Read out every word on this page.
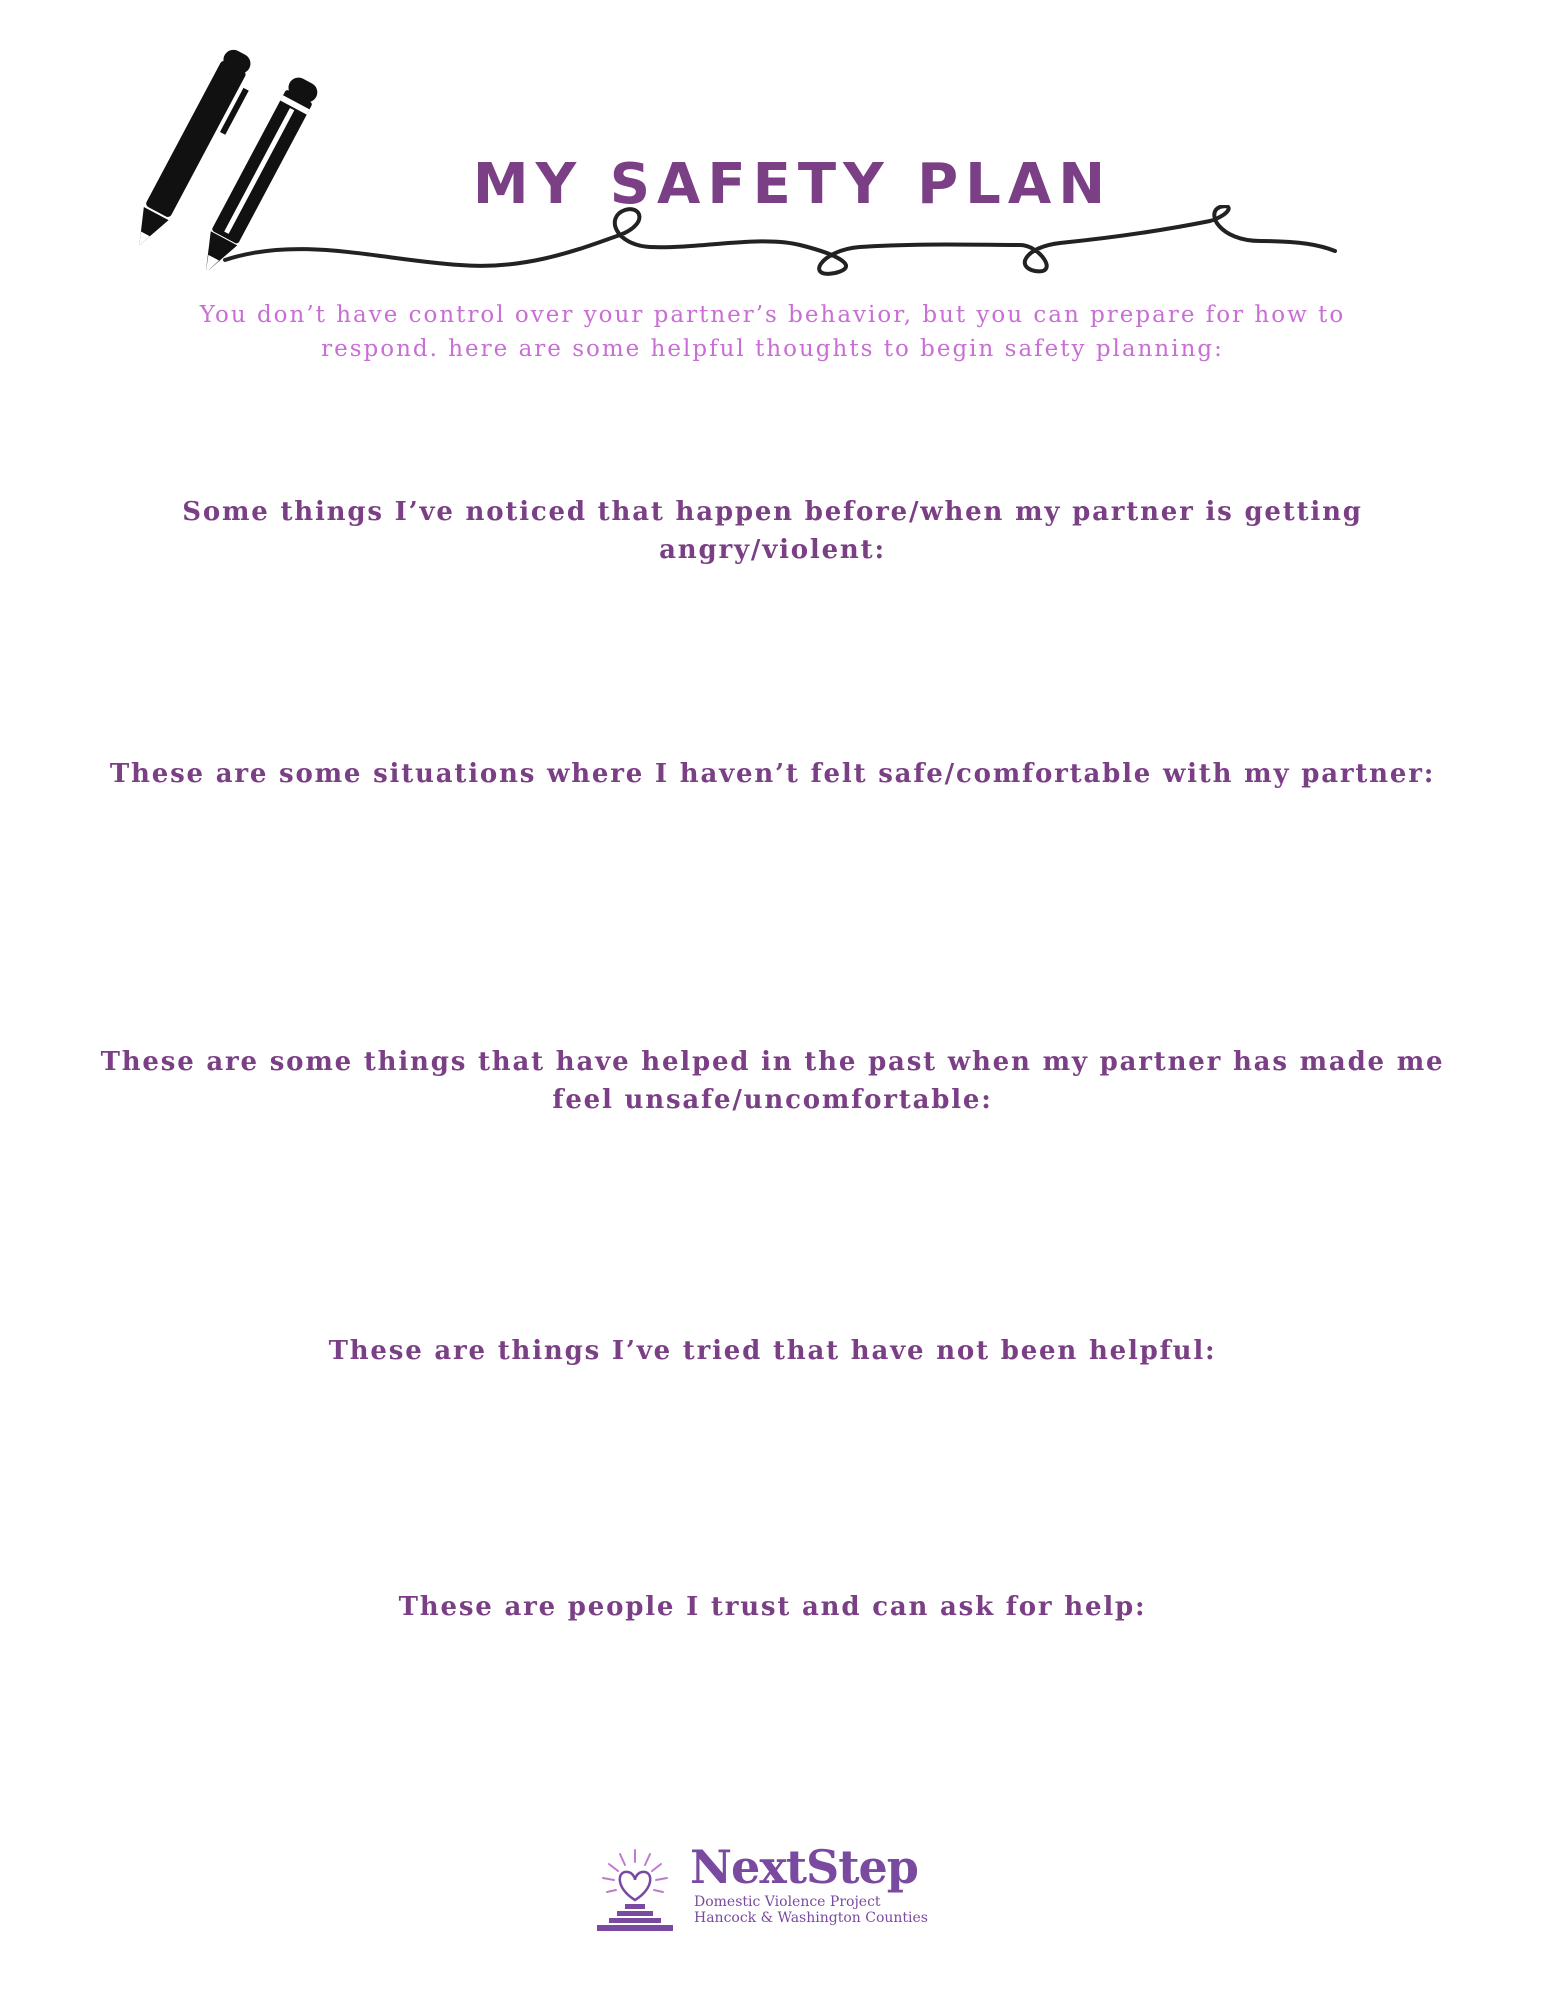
MY SAFETY PLAN
You don’t have control over your partner’s behavior, but you can prepare for how to respond. here are some helpful thoughts to begin safety planning:
Some things I’ve noticed that happen before/when my partner is getting angry/violent:
These are some situations where I haven’t felt safe/comfortable with my partner:
These are some things that have helped in the past when my partner has made me feel unsafe/uncomfortable:
These are things I’ve tried that have not been helpful:
These are people I trust and can ask for help:
NextStep
Domestic Violence Project
Hancock & Washington Counties
